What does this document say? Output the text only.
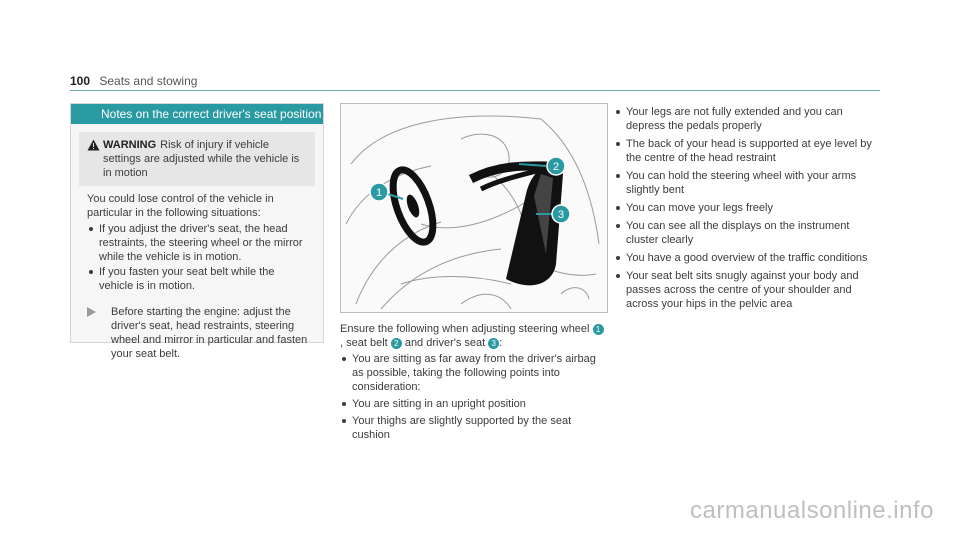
100 Seats and stowing
Notes on the correct driver's seat position
WARNING Risk of injury if vehicle settings are adjusted while the vehicle is in motion

You could lose control of the vehicle in particular in the following situations:

If you adjust the driver's seat, the head restraints, the steering wheel or the mirror while the vehicle is in motion.
If you fasten your seat belt while the vehicle is in motion.
Before starting the engine: adjust the driver's seat, head restraints, steering wheel and mirror in particular and fasten your seat belt.
1
2
3

Ensure the following when adjusting steering wheel 1, seat belt 2 and driver's seat 3 :

You are sitting as far away from the driver's airbag as possible, taking the following points into consideration:
You are sitting in an upright position
Your thighs are slightly supported by the seat cushion
Your legs are not fully extended and you can depress the pedals properly
The back of your head is supported at eye level by the centre of the head restraint
You can hold the steering wheel with your arms slightly bent
You can move your legs freely
You can see all the displays on the instrument cluster clearly
You have a good overview of the traffic conditions
Your seat belt sits snugly against your body and passes across the centre of your shoulder and across your hips in the pelvic area
carmanualsonline.info
